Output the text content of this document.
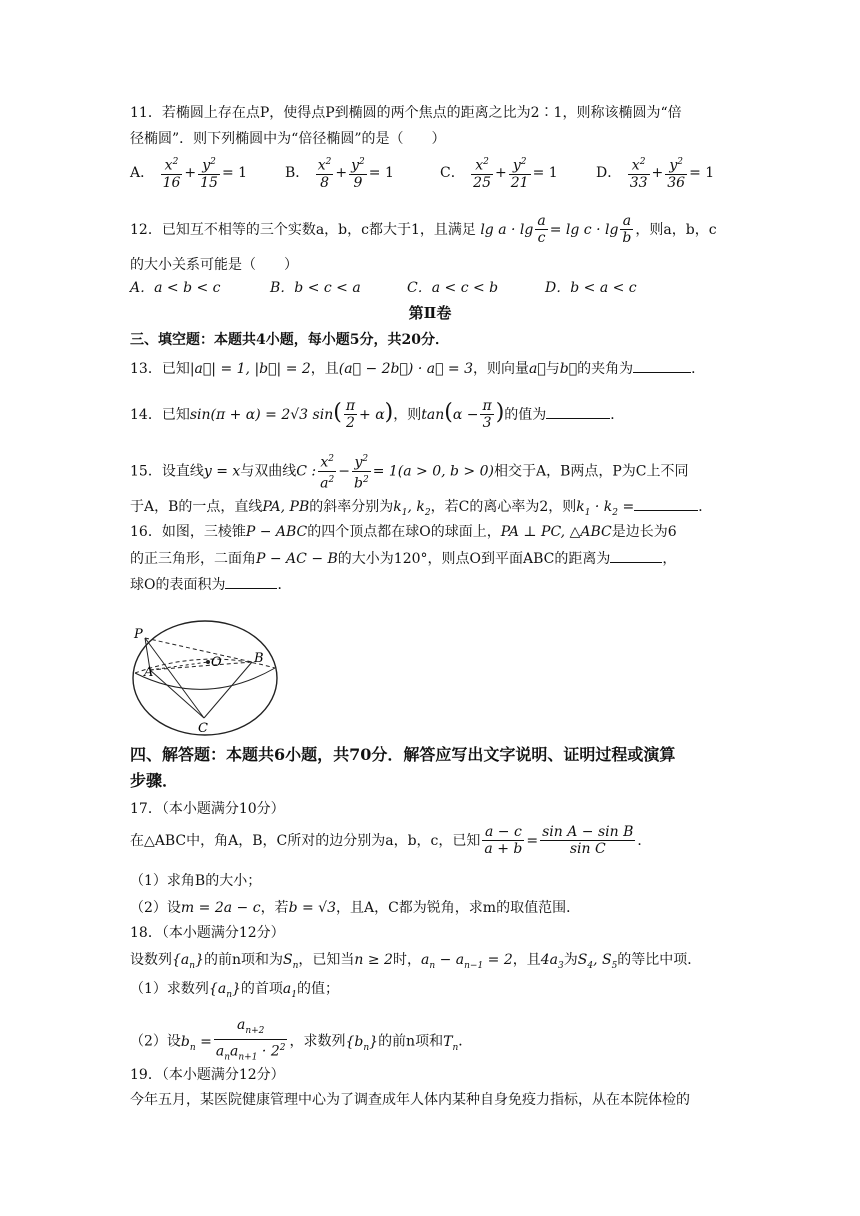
11．若椭圆上存在点P，使得点P到椭圆的两个焦点的距离之比为2∶1，则称该椭圆为“倍
径椭圆”．则下列椭圆中为“倍径椭圆”的是（　　）
A． $\frac{x^2}{16} + \frac{y^2}{15} = 1$	B． $\frac{x^2}{8} + \frac{y^2}{9} = 1$	C． $\frac{x^2}{25} + \frac{y^2}{21} = 1$	D． $\frac{x^2}{33} + \frac{y^2}{36} = 1$
12．已知互不相等的三个实数a，b，c都大于1，且满足 $\lg a \cdot \lg \frac{a}{c} = \lg c \cdot \lg \frac{a}{b}$ ，则a，b，c
的大小关系可能是（　　）
A．a < b < c	B．b < c < a	C．a < c < b	D．b < a < c
第Ⅱ卷
三、填空题：本题共4小题，每小题5分，共20分．
13．已知|a⃗| = 1, |b⃗| = 2，且(a⃗ − 2b⃗) · a⃗ = 3，则向量a⃗与b⃗的夹角为	．
14．已知sin(π + α) = 2√3 $\sin( \frac{\pi}{2} + \alpha)$，则$\tan(\alpha - \frac{\pi}{3}$ )的值为	．
15．设直线y = x与双曲线C : $\frac{x^2}{a^2} - \frac{y^2}{b^2} = 1(a > 0$, b > 0)相交于A，B两点，P为C上不同
于A，B的一点，直线PA, PB的斜率分别为$k_1$, $k_2$，若C的离心率为2，则$k_1 \cdot k_2$ =	．
16．如图，三棱锥P − ABC的四个顶点都在球O的球面上，PA ⊥ PC, △ABC是边长为6
的正三角形，二面角P − AC − B的大小为120°，则点O到平面ABC的距离为	，
球O的表面积为	．
P
A
O B
C
四、解答题：本题共6小题，共70分．解答应写出文字说明、证明过程或演算
步骤．
17．（本小题满分10分）
在△ABC中，角A，B，C所对的边分别为a，b，c，已知 $\frac{a - c}{a + b} = \frac{\text{sin A − sin B}}{\text{sin C}}$ ．
（1）求角B的大小；
（2）设m = 2a − c，若b = √3，且A，C都为锐角，求m的取值范围．
18．（本小题满分12分）
设数列$\{a_n\}$的前n项和为$S_n$，已知当n ≥ 2时，$a_n - a_{n-1} = 2$，且$4a_3$为$S_4$, $S_5$的等比中项．
（1）求数列$\{a_n\}$的首项$a_1$的值；
（2）设$b_n = \frac{a_{n+2}}{a_na_{n+1} \cdot 2^2}$ ，求数列$\{b_n\}$的前n项和$T_n$．
19．（本小题满分12分）
今年五月，某医院健康管理中心为了调查成年人体内某种自身免疫力指标，从在本院体检的
